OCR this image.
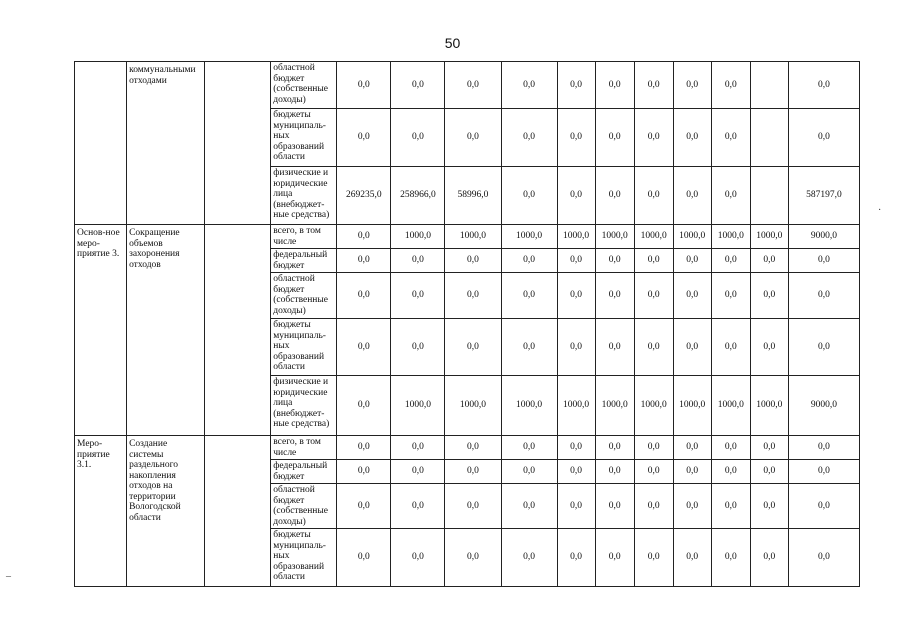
50
	коммунальными отходами		областной бюджет (собственные доходы)	0,0	0,0	0,0	0,0	0,0	0,0	0,0	0,0	0,0		0,0
			бюджеты муниципаль-ных образований области	0,0	0,0	0,0	0,0	0,0	0,0	0,0	0,0	0,0		0,0
			физические и юридические лица (внебюджет-ные средства)	269235,0	258966,0	58996,0	0,0	0,0	0,0	0,0	0,0	0,0		587197,0
Основ-ное меро-приятие 3.	Сокращение объемов захоронения отходов		всего, в том числе	0,0	1000,0	1000,0	1000,0	1000,0	1000,0	1000,0	1000,0	1000,0	1000,0	9000,0
			федеральный бюджет	0,0	0,0	0,0	0,0	0,0	0,0	0,0	0,0	0,0	0,0	0,0
			областной бюджет (собственные доходы)	0,0	0,0	0,0	0,0	0,0	0,0	0,0	0,0	0,0	0,0	0,0
			бюджеты муниципаль-ных образований области	0,0	0,0	0,0	0,0	0,0	0,0	0,0	0,0	0,0	0,0	0,0
			физические и юридические лица (внебюджет-ные средства)	0,0	1000,0	1000,0	1000,0	1000,0	1000,0	1000,0	1000,0	1000,0	1000,0	9000,0
Меро-приятие 3.1.	Создание системы раздельного накопления отходов на территории Вологодской области		всего, в том числе	0,0	0,0	0,0	0,0	0,0	0,0	0,0	0,0	0,0	0,0	0,0
			федеральный бюджет	0,0	0,0	0,0	0,0	0,0	0,0	0,0	0,0	0,0	0,0	0,0
			областной бюджет (собственные доходы)	0,0	0,0	0,0	0,0	0,0	0,0	0,0	0,0	0,0	0,0	0,0
			бюджеты муниципаль-ных образований области	0,0	0,0	0,0	0,0	0,0	0,0	0,0	0,0	0,0	0,0	0,0
·
–
